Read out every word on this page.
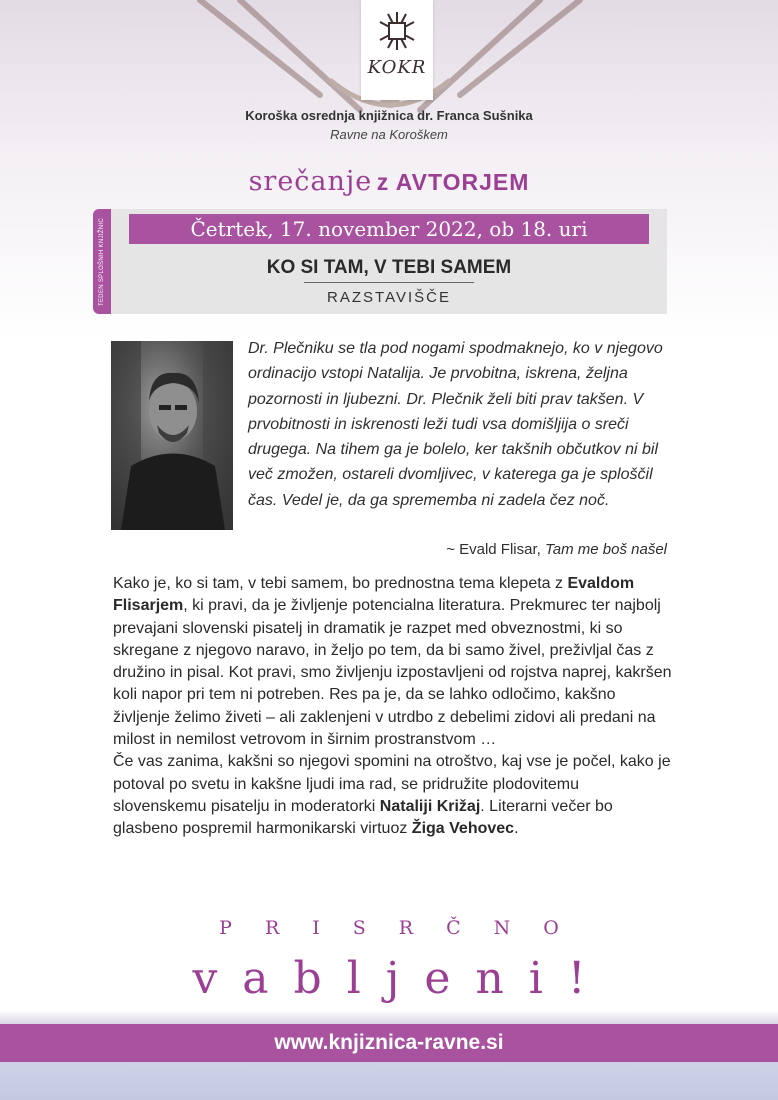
KOKR
Koroška osrednja knjižnica dr. Franca Sušnika
Ravne na Koroškem
srečanje z AVTORJEM
TEDEN SPLOŠNIH KNJIŽNIC	Četrtek, 17. november 2022, ob 18. uri
KO SI TAM, V TEBI SAMEM
RAZSTAVIŠČE

Dr. Plečniku se tla pod nogami spodmaknejo, ko v njegovo ordinacijo vstopi Natalija. Je prvobitna, iskrena, željna pozornosti in ljubezni. Dr. Plečnik želi biti prav takšen. V prvobitnosti in iskrenosti leži tudi vsa domišljija o sreči drugega. Na tihem ga je bolelo, ker takšnih občutkov ni bil več zmožen, ostareli dvomljivec, v katerega ga je sploščil čas. Vedel je, da ga sprememba ni zadela čez noč.

~ Evald Flisar, Tam me boš našel

Kako je, ko si tam, v tebi samem, bo prednostna tema klepeta z Evaldom Flisarjem, ki pravi, da je življenje potencialna literatura. Prekmurec ter najbolj prevajani slovenski pisatelj in dramatik je razpet med obveznostmi, ki so skregane z njegovo naravo, in željo po tem, da bi samo živel, preživljal čas z družino in pisal. Kot pravi, smo življenju izpostavljeni od rojstva naprej, kakršen koli napor pri tem ni potreben. Res pa je, da se lahko odločimo, kakšno življenje želimo živeti – ali zaklenjeni v utrdbo z debelimi zidovi ali predani na milost in nemilost vetrovom in širnim prostranstvom …

Če vas zanima, kakšni so njegovi spomini na otroštvo, kaj vse je počel, kako je potoval po svetu in kakšne ljudi ima rad, se pridružite plodovitemu slovenskemu pisatelju in moderatorki Nataliji Križaj. Literarni večer bo glasbeno pospremil harmonikarski virtuoz Žiga Vehovec.

PRISRČNO
vabljeni!
www.knjiznica-ravne.si
